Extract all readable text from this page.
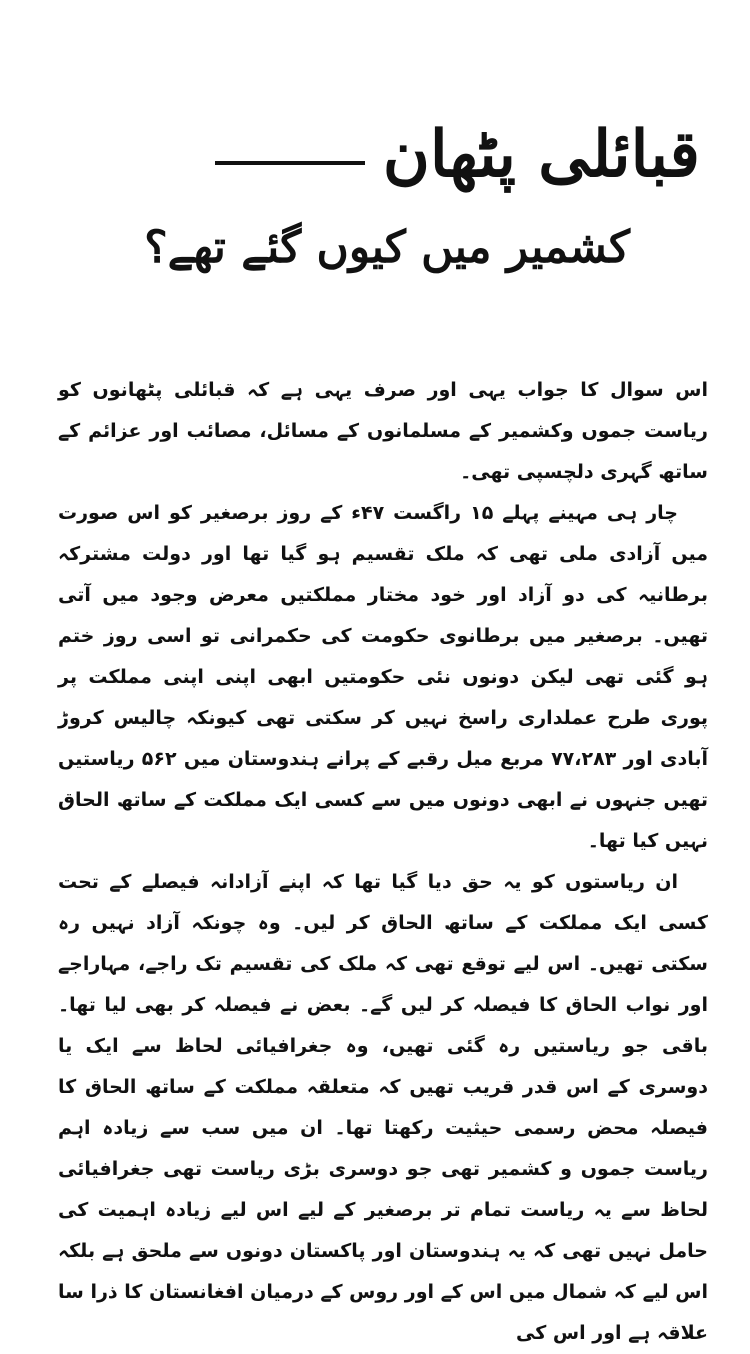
قبائلی پٹھان
کشمیر میں کیوں گئے تھے؟

اس سوال کا جواب یہی اور صرف یہی ہے کہ قبائلی پٹھانوں کو ریاست جموں وکشمیر کے مسلمانوں کے مسائل، مصائب اور عزائم کے ساتھ گہری دلچسپی تھی۔

چار ہی مہینے پہلے ۱۵ راگست ۴۷ء کے روز برصغیر کو اس صورت میں آزادی ملی تھی کہ ملک تقسیم ہو گیا تھا اور دولت مشترکہ برطانیہ کی دو آزاد اور خود مختار مملکتیں معرض وجود میں آتی تھیں۔ برصغیر میں برطانوی حکومت کی حکمرانی تو اسی روز ختم ہو گئی تھی لیکن دونوں نئی حکومتیں ابھی اپنی اپنی مملکت پر پوری طرح عملداری راسخ نہیں کر سکتی تھی کیونکہ چالیس کروڑ آبادی اور ۷۷،۲۸۳ مربع میل رقبے کے پرانے ہندوستان میں ۵۶۲ ریاستیں تھیں جنہوں نے ابھی دونوں میں سے کسی ایک مملکت کے ساتھ الحاق نہیں کیا تھا۔

ان ریاستوں کو یہ حق دیا گیا تھا کہ اپنے آزادانہ فیصلے کے تحت کسی ایک مملکت کے ساتھ الحاق کر لیں۔ وہ چونکہ آزاد نہیں رہ سکتی تھیں۔ اس لیے توقع تھی کہ ملک کی تقسیم تک راجے، مہاراجے اور نواب الحاق کا فیصلہ کر لیں گے۔ بعض نے فیصلہ کر بھی لیا تھا۔ باقی جو ریاستیں رہ گئی تھیں، وہ جغرافیائی لحاظ سے ایک یا دوسری کے اس قدر قریب تھیں کہ متعلقہ مملکت کے ساتھ الحاق کا فیصلہ محض رسمی حیثیت رکھتا تھا۔ ان میں سب سے زیادہ اہم ریاست جموں و کشمیر تھی جو دوسری بڑی ریاست تھی جغرافیائی لحاظ سے یہ ریاست تمام تر برصغیر کے لیے اس لیے زیادہ اہمیت کی حامل نہیں تھی کہ یہ ہندوستان اور پاکستان دونوں سے ملحق ہے بلکہ اس لیے کہ شمال میں اس کے اور روس کے درمیان افغانستان کا ذرا سا علاقہ ہے اور اس کی
